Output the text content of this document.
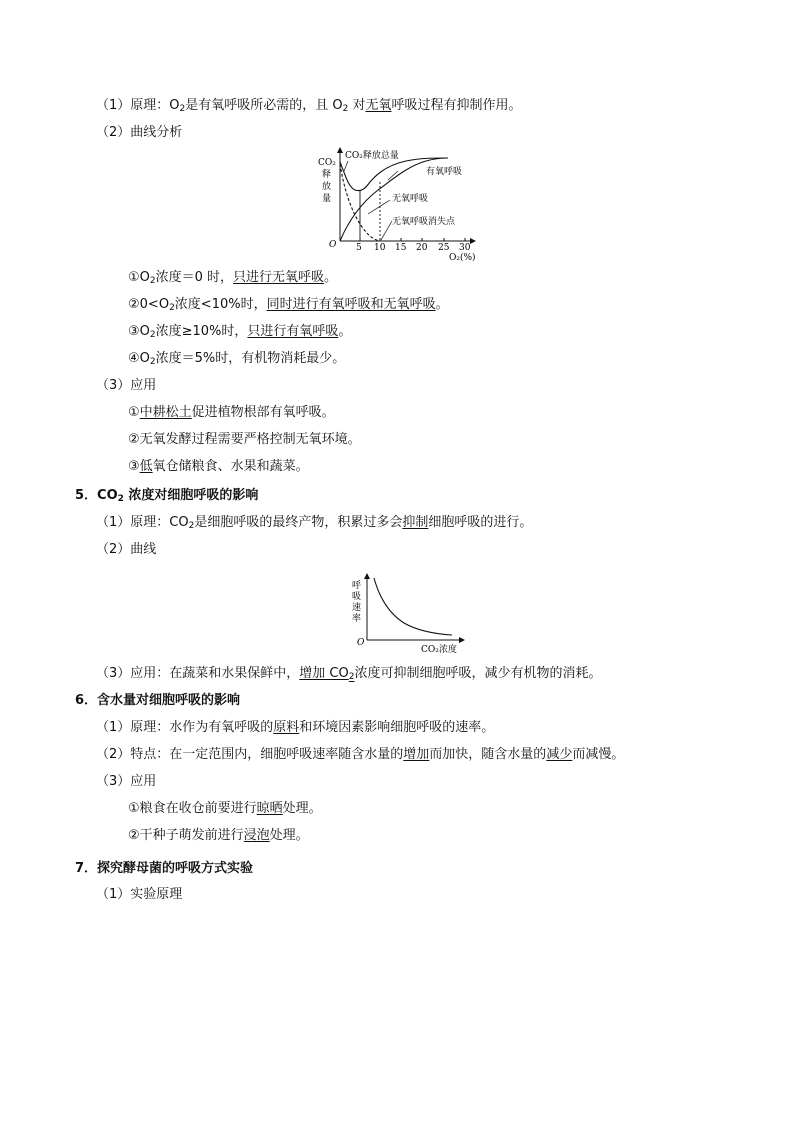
（1）原理：$O_2$是有氧呼吸所必需的，且 $O_2$ 对无氧呼吸过程有抑制作用。
（2）曲线分析
CO₂
释
放
量
O 5 10 15 20 25 30
O₂(%)
CO₂释放总量
有氧呼吸
无氧呼吸
无氧呼吸消失点
$①O_2$浓度＝0 时，只进行无氧呼吸。
$②0<O_2$浓度<10%时，同时进行有氧呼吸和无氧呼吸。
$③O_2$浓度≥10%时，只进行有氧呼吸。
$④O_2$浓度＝5%时，有机物消耗最少。
（3）应用
①中耕松土促进植物根部有氧呼吸。
②无氧发酵过程需要严格控制无氧环境。
③低氧仓储粮食、水果和蔬菜。
5．$CO_2$ 浓度对细胞呼吸的影响
（1）原理：$CO_2$是细胞呼吸的最终产物，积累过多会抑制细胞呼吸的进行。
（2）曲线
呼
吸
速
率
O
CO₂浓度
（3）应用：在蔬菜和水果保鲜中，增加 $CO_2$浓度可抑制细胞呼吸，减少有机物的消耗。
6．含水量对细胞呼吸的影响
（1）原理：水作为有氧呼吸的原料和环境因素影响细胞呼吸的速率。
（2）特点：在一定范围内，细胞呼吸速率随含水量的增加而加快，随含水量的减少而减慢。
（3）应用
①粮食在收仓前要进行晾晒处理。
②干种子萌发前进行浸泡处理。
7．探究酵母菌的呼吸方式实验
（1）实验原理
